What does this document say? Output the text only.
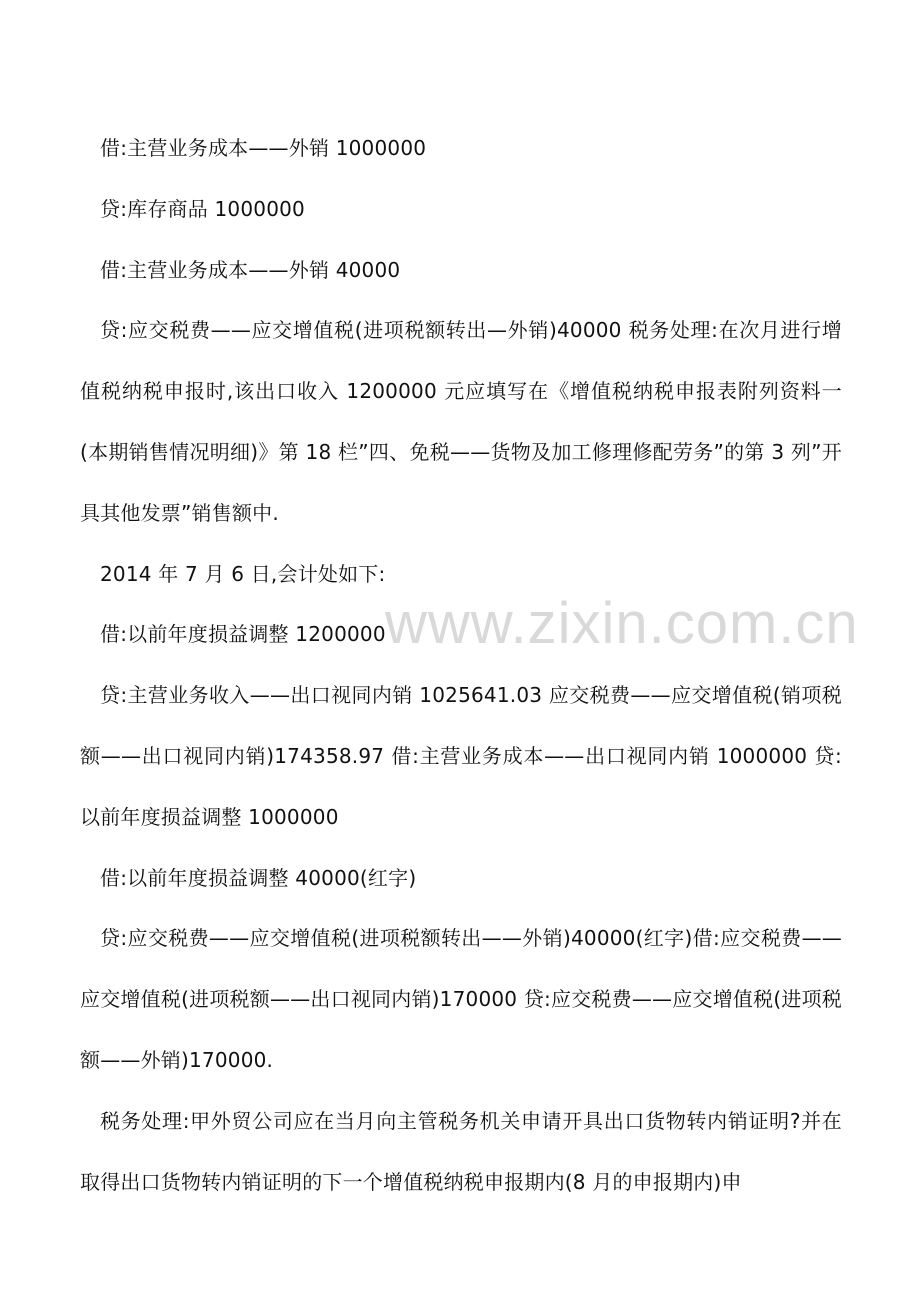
借:主营业务成本——外销 1000000

贷:库存商品 1000000

借:主营业务成本——外销 40000

贷:应交税费——应交增值税(进项税额转出—外销)40000 税务处理:在次月进行增值税纳税申报时,该出口收入 1200000 元应填写在《增值税纳税申报表附列资料一(本期销售情况明细)》第 18 栏”四、免税——货物及加工修理修配劳务”的第 3 列”开具其他发票”销售额中.

2014 年 7 月 6 日,会计处如下:

借:以前年度损益调整 1200000

贷:主营业务收入——出口视同内销 1025641.03 应交税费——应交增值税(销项税额——出口视同内销)174358.97 借:主营业务成本——出口视同内销 1000000 贷:以前年度损益调整 1000000

借:以前年度损益调整 40000(红字)

贷:应交税费——应交增值税(进项税额转出——外销)40000(红字)借:应交税费——应交增值税(进项税额——出口视同内销)170000 贷:应交税费——应交增值税(进项税额——外销)170000.

税务处理:甲外贸公司应在当月向主管税务机关申请开具出口货物转内销证明?并在取得出口货物转内销证明的下一个增值税纳税申报期内(8 月的申报期内)申

www.zixin.com.cn
